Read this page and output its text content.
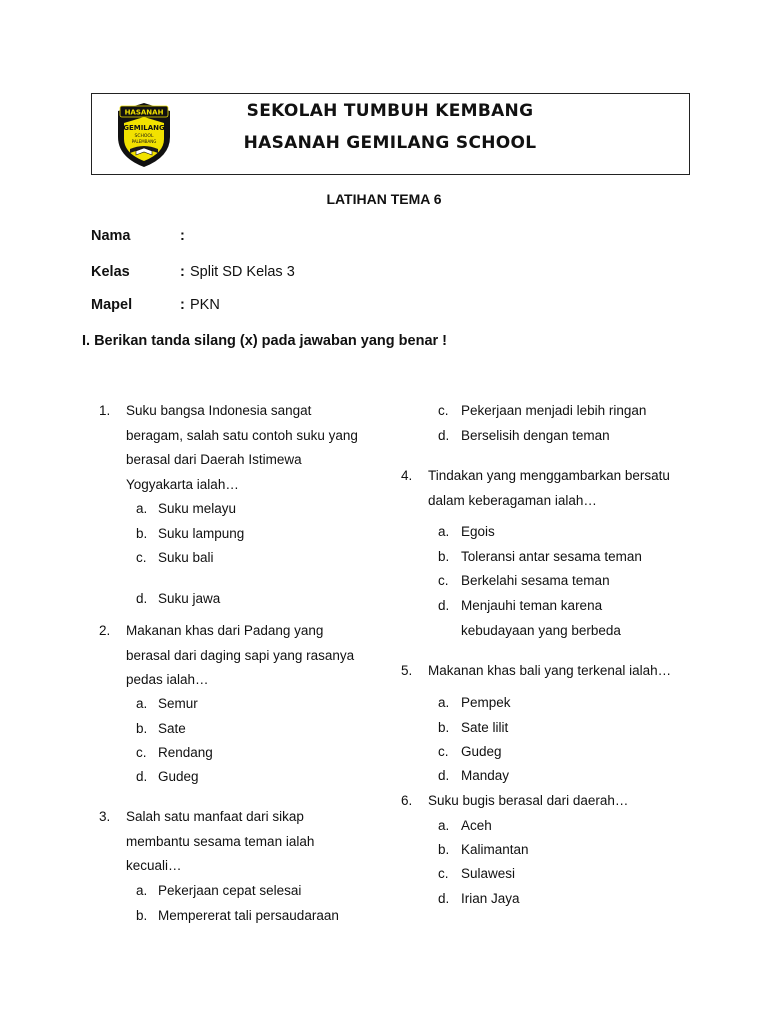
HASANAH
GEMILANG
SCHOOL
PALEMBANG
SEKOLAH TUMBUH KEMBANG
HASANAH GEMILANG SCHOOL
LATIHAN TEMA 6
Nama	:
Kelas	: Split SD Kelas 3
Mapel	: PKN
I. Berikan tanda silang (x) pada jawaban yang benar !
1. Suku bangsa Indonesia sangat
beragam, salah satu contoh suku yang
berasal dari Daerah Istimewa
Yogyakarta ialah…
a. Suku melayu
b. Suku lampung
c. Suku bali
d. Suku jawa
2. Makanan khas dari Padang yang
berasal dari daging sapi yang rasanya
pedas ialah…
a. Semur
b. Sate
c. Rendang
d. Gudeg
3. Salah satu manfaat dari sikap
membantu sesama teman ialah
kecuali…
a. Pekerjaan cepat selesai
b. Mempererat tali persaudaraan
c. Pekerjaan menjadi lebih ringan
d. Berselisih dengan teman
4. Tindakan yang menggambarkan bersatu
dalam keberagaman ialah…
a. Egois
b. Toleransi antar sesama teman
c. Berkelahi sesama teman
d. Menjauhi teman karena
kebudayaan yang berbeda
5. Makanan khas bali yang terkenal ialah…
a. Pempek
b. Sate lilit
c. Gudeg
d. Manday
6. Suku bugis berasal dari daerah…
a. Aceh
b. Kalimantan
c. Sulawesi
d. Irian Jaya
